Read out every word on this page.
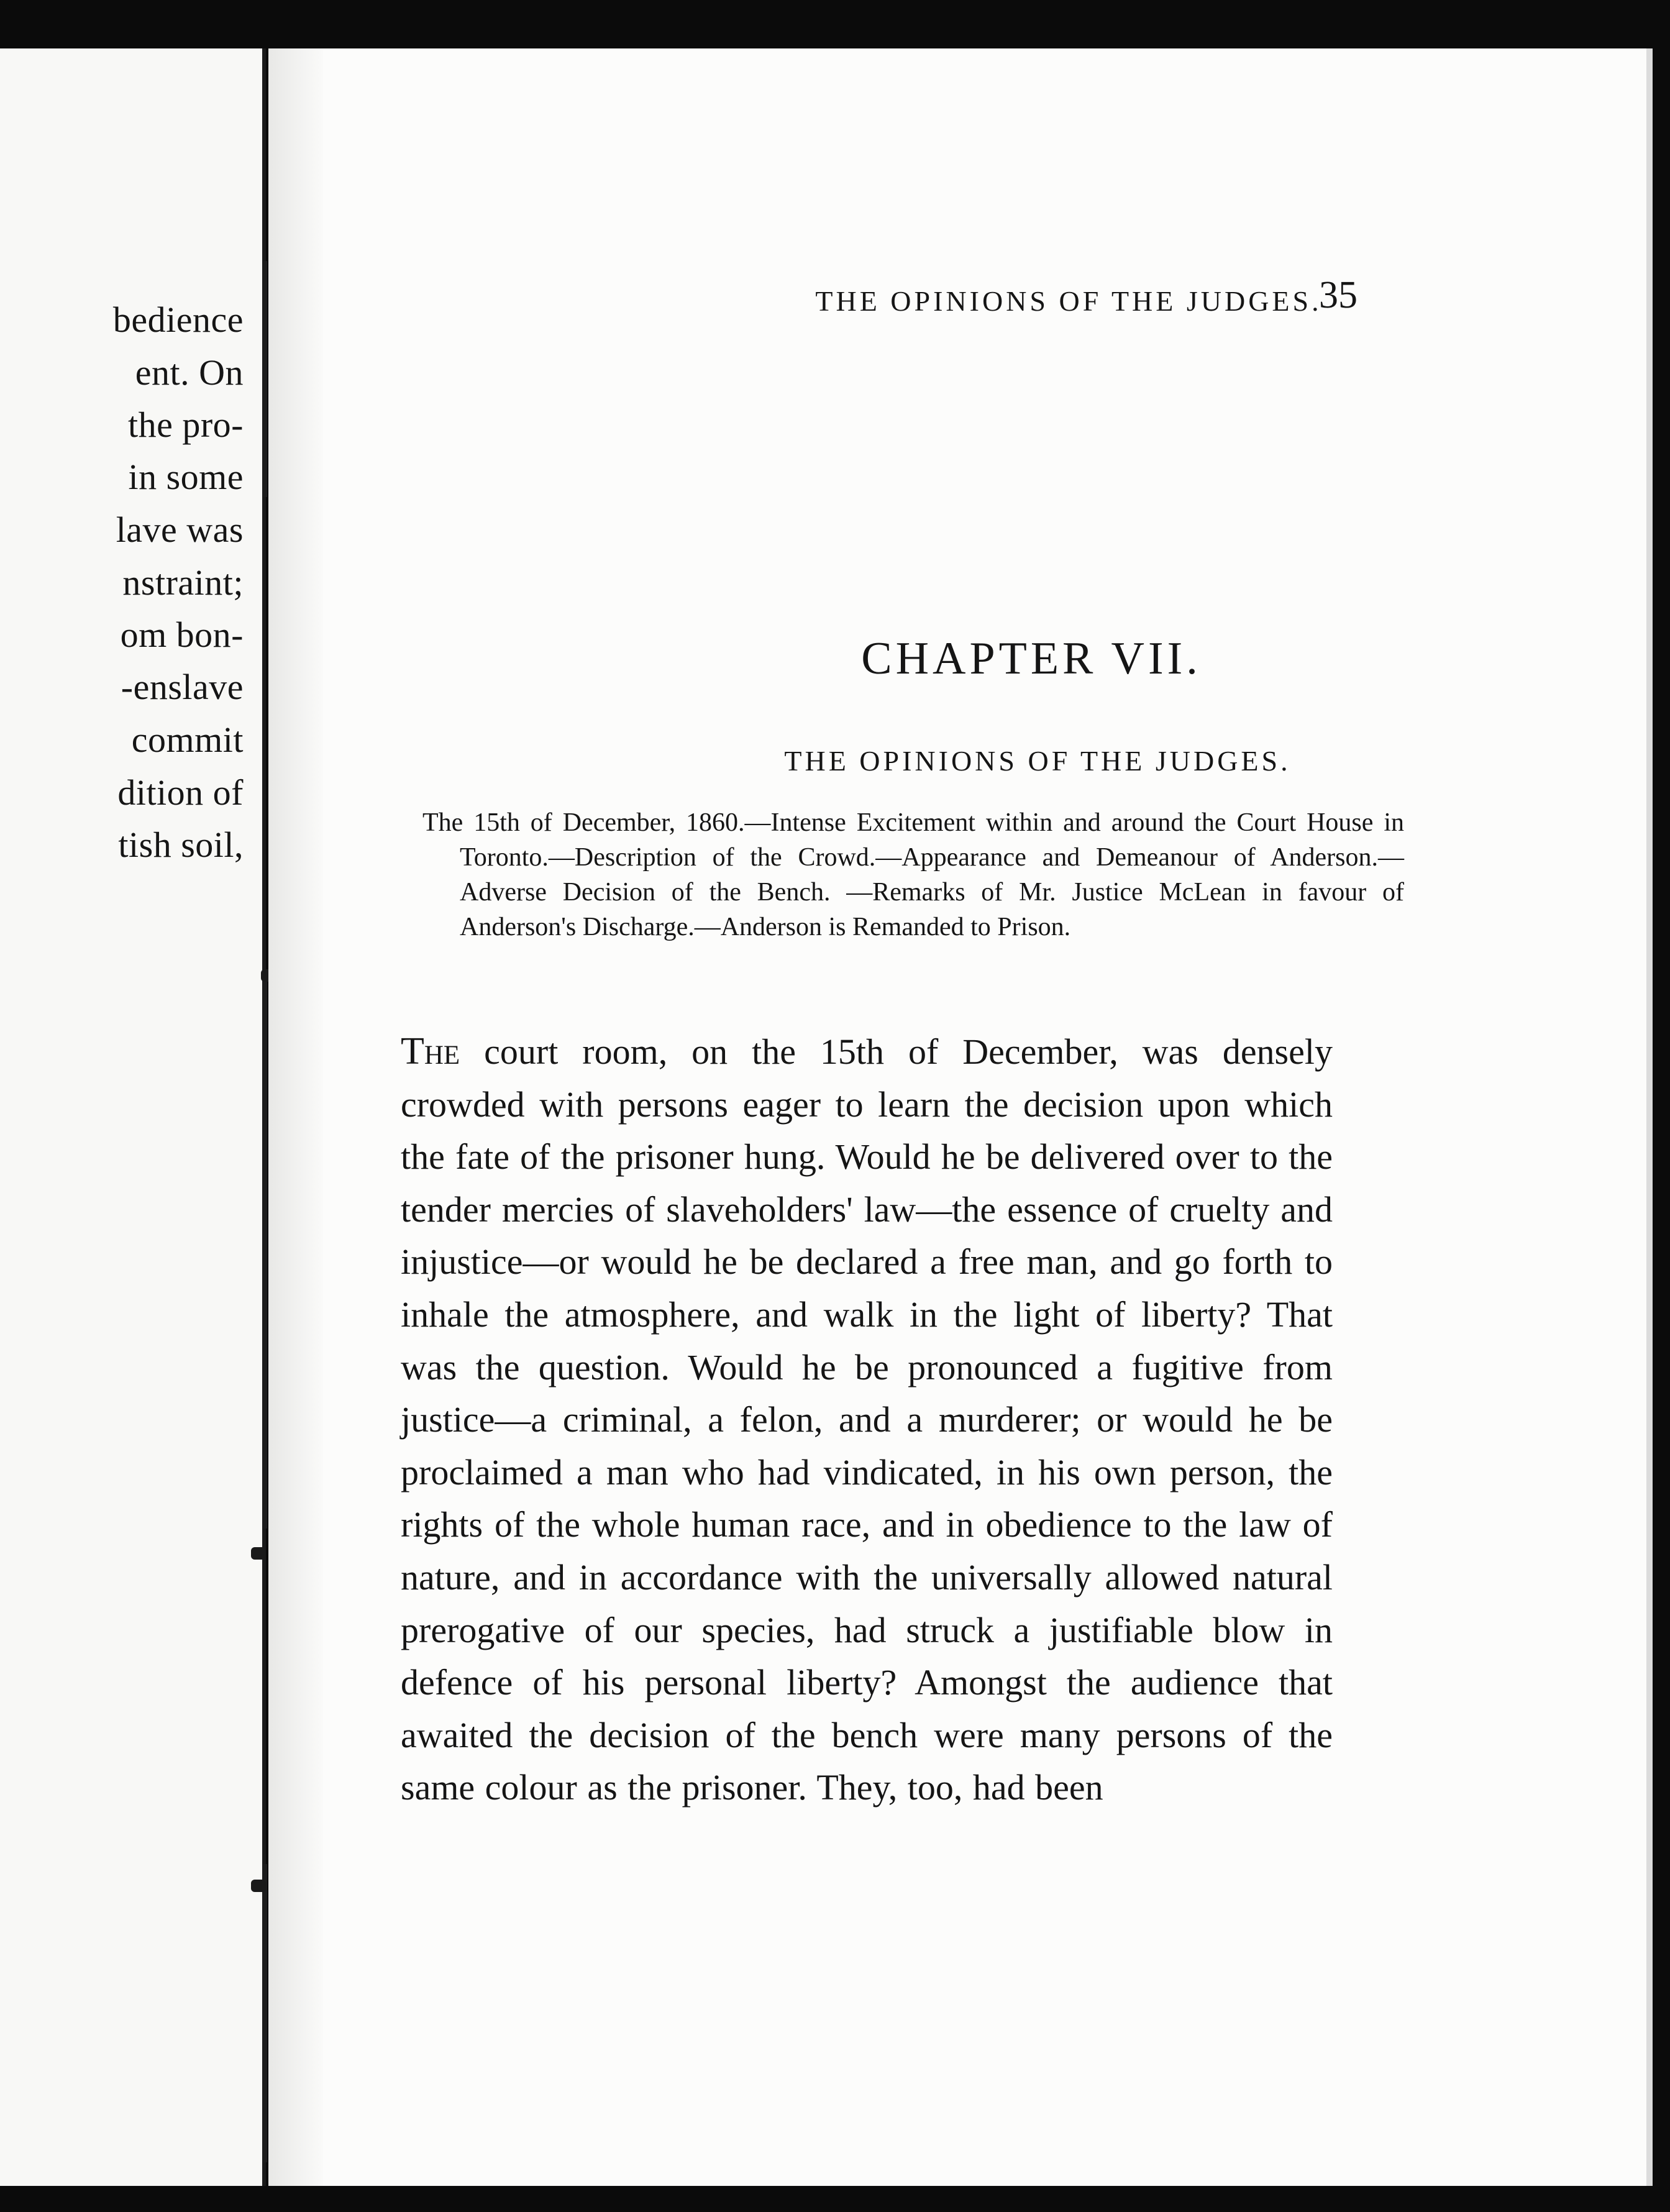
bedience
ent. On
the pro-
in some
lave was
nstraint;
om bon-
-enslave
commit
dition of
tish soil,
THE OPINIONS OF THE JUDGES.
35
CHAPTER VII.
THE OPINIONS OF THE JUDGES.

The 15th of December, 1860.—Intense Excitement within and around the Court House in Toronto.—Description of the Crowd.—Appearance and Demeanour of Anderson.—Adverse Decision of the Bench. —Remarks of Mr. Justice McLean in favour of Anderson's Discharge.—Anderson is Remanded to Prison.

The court room, on the 15th of December, was densely crowded with persons eager to learn the decision upon which the fate of the prisoner hung. Would he be delivered over to the tender mercies of slaveholders' law—the essence of cruelty and injustice—or would he be declared a free man, and go forth to inhale the atmosphere, and walk in the light of liberty? That was the question. Would he be pronounced a fugitive from justice—a criminal, a felon, and a murderer; or would he be proclaimed a man who had vindicated, in his own person, the rights of the whole human race, and in obedience to the law of nature, and in accordance with the universally allowed natural prerogative of our species, had struck a justifiable blow in defence of his personal liberty? Amongst the audience that awaited the decision of the bench were many persons of the same colour as the prisoner. They, too, had been
